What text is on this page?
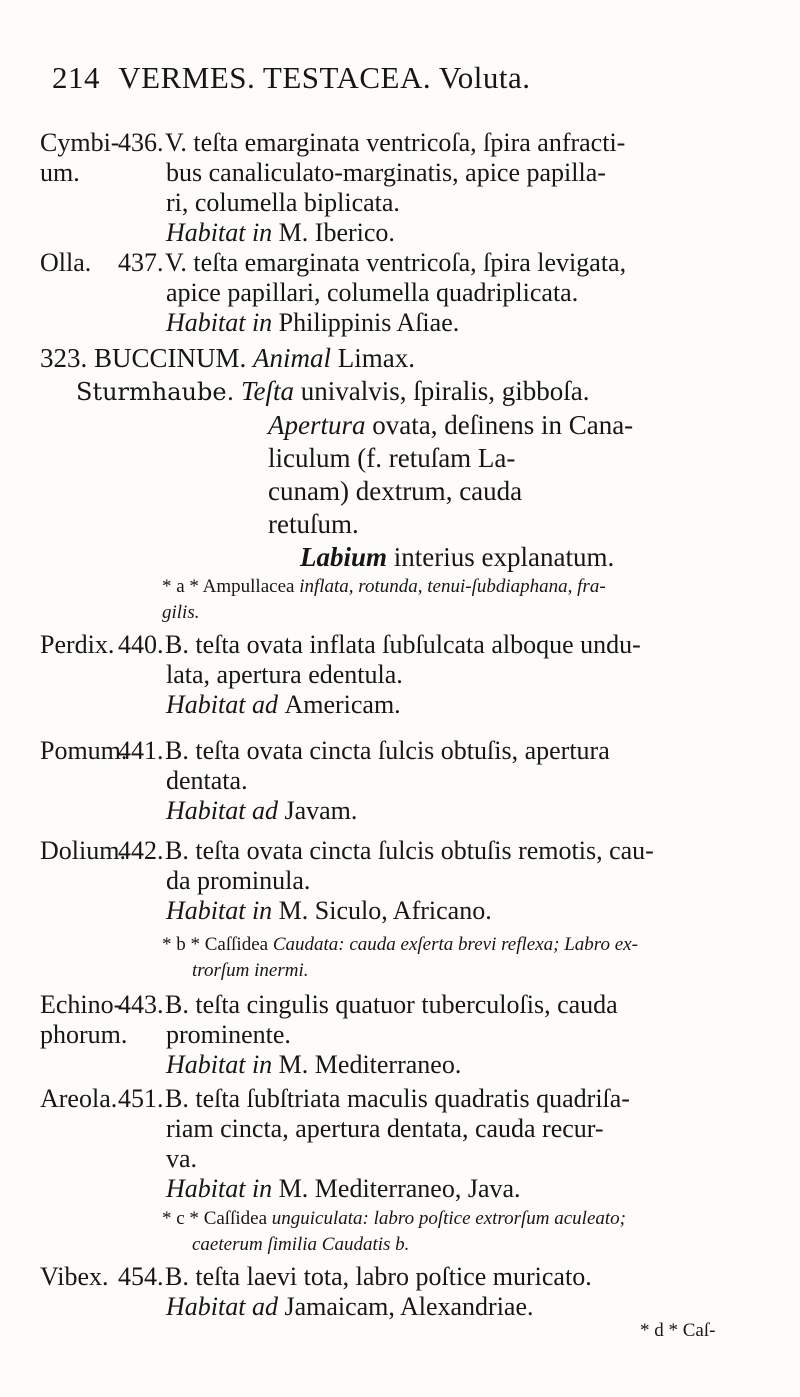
214 VERMES. TESTACEA. Voluta.
Cymbi-
um.
436.V. teſta emarginata ventricoſa, ſpira anfracti-
bus canaliculato-marginatis, apice papilla-
ri, columella biplicata.
Habitat in M. Iberico.
Olla. 437.V. teſta emarginata ventricoſa, ſpira levigata,
apice papillari, columella quadriplicata.
Habitat in Philippinis Aſiae.
323. BUCCINUM. Animal Limax.
Sturmhaube. Teſta univalvis, ſpiralis, gibboſa.
Apertura ovata, deſinens in Cana-
liculum (f. retuſam La-
cunam) dextrum, cauda
retuſum.
Labium interius explanatum.
* a * Ampullacea inflata, rotunda, tenui-ſubdiaphana, fra-
gilis.
Perdix. 440.B. teſta ovata inflata ſubſulcata alboque undu-
lata, apertura edentula.
Habitat ad Americam.
Pomum.
441.B. teſta ovata cincta ſulcis obtuſis, apertura
dentata.
Habitat ad Javam.
Dolium.
442.B. teſta ovata cincta ſulcis obtuſis remotis, cau-
da prominula.
Habitat in M. Siculo, Africano.
* b * Caſſidea Caudata: cauda exſerta brevi reflexa; Labro ex-
trorſum inermi.
Echino-
phorum.
443.B. teſta cingulis quatuor tuberculoſis, cauda
prominente.
Habitat in M. Mediterraneo.
Areola. 451.B. teſta ſubſtriata maculis quadratis quadriſa-
riam cincta, apertura dentata, cauda recur-
va.
Habitat in M. Mediterraneo, Java.
* c * Caſſidea unguiculata: labro poſtice extrorſum aculeato;
caeterum ſimilia Caudatis b.
Vibex. 454.B. teſta laevi tota, labro poſtice muricato.
Habitat ad Jamaicam, Alexandriae.
* d * Caſ-
